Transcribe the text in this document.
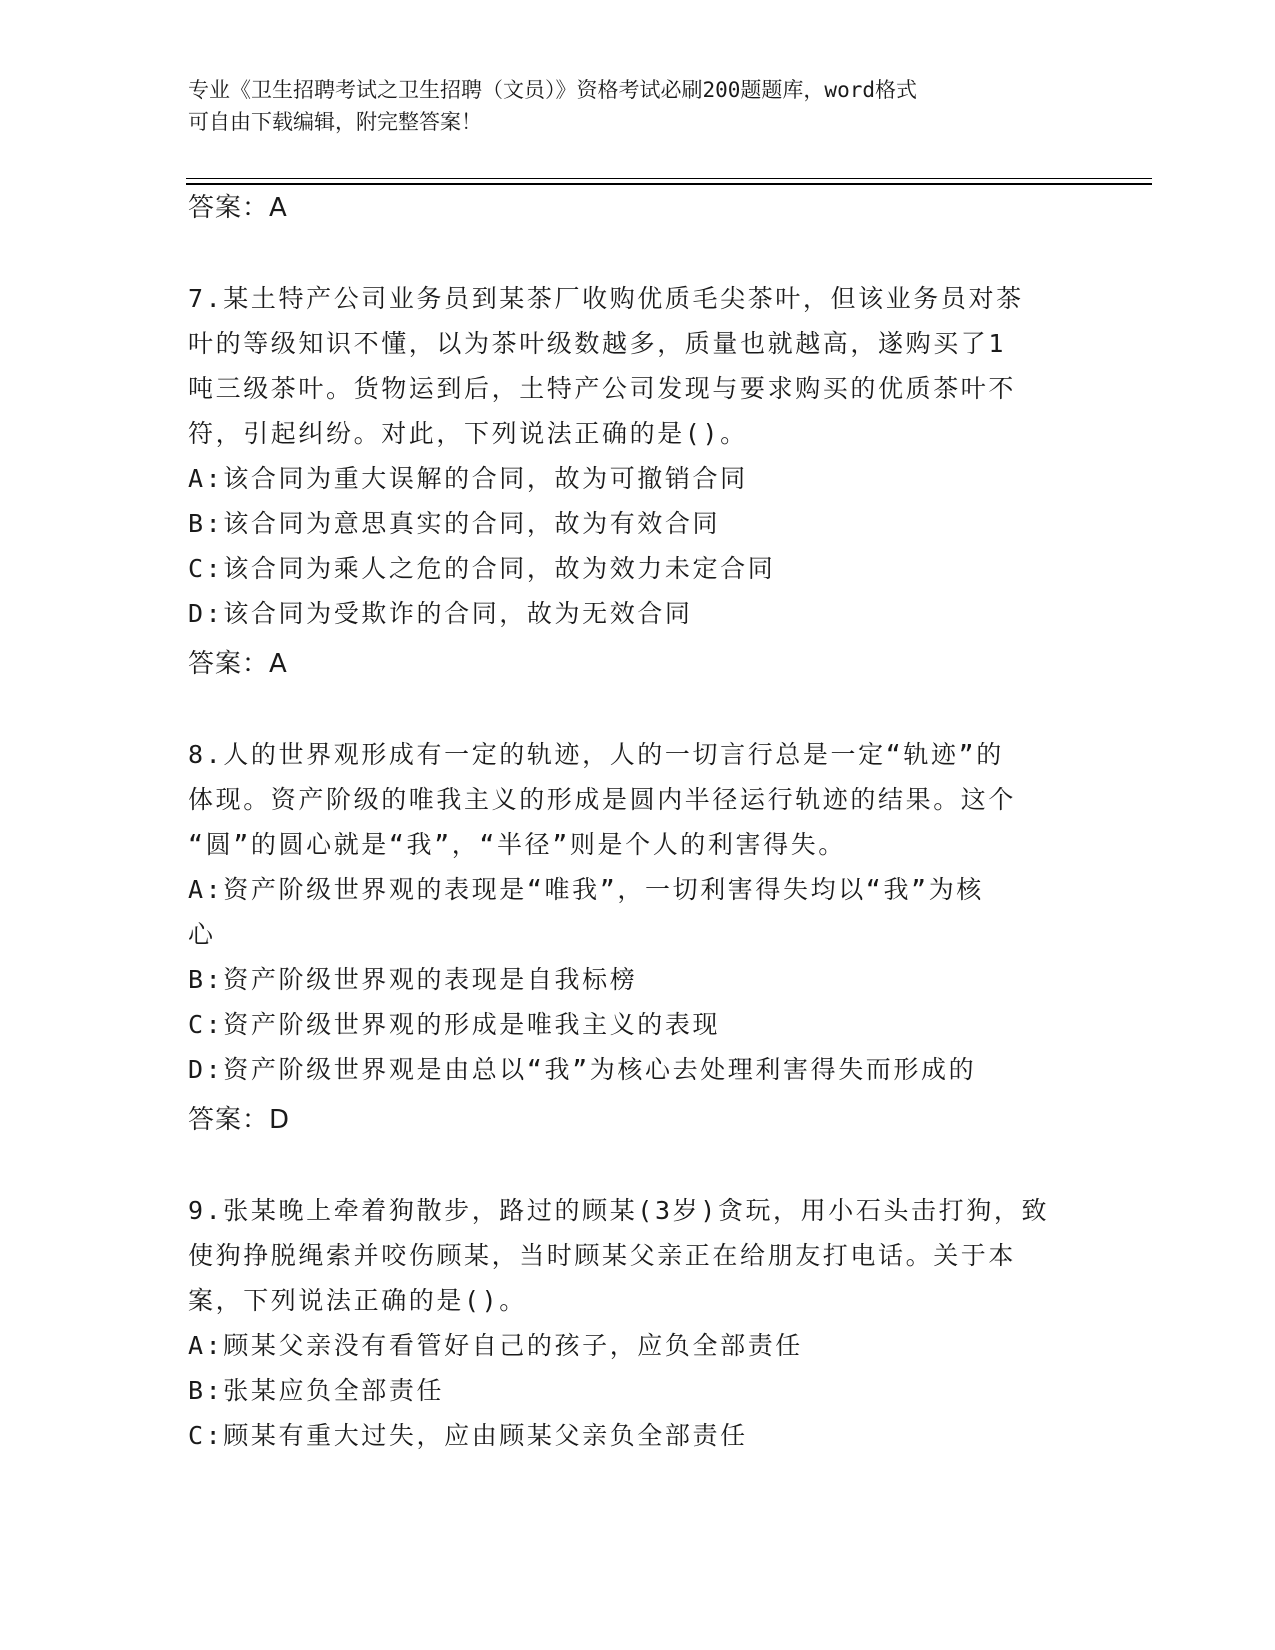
专业《卫生招聘考试之卫生招聘（文员）》资格考试必刷200题题库，word格式
可自由下载编辑，附完整答案！
答案：A

7.某土特产公司业务员到某茶厂收购优质毛尖茶叶，但该业务员对茶

叶的等级知识不懂，以为茶叶级数越多，质量也就越高，遂购买了1

吨三级茶叶。货物运到后，土特产公司发现与要求购买的优质茶叶不

符，引起纠纷。对此，下列说法正确的是()。

A:该合同为重大误解的合同，故为可撤销合同

B:该合同为意思真实的合同，故为有效合同

C:该合同为乘人之危的合同，故为效力未定合同

D:该合同为受欺诈的合同，故为无效合同

答案：A

8.人的世界观形成有一定的轨迹，人的一切言行总是一定“轨迹”的

体现。资产阶级的唯我主义的形成是圆内半径运行轨迹的结果。这个

“圆”的圆心就是“我”，“半径”则是个人的利害得失。

A:资产阶级世界观的表现是“唯我”，一切利害得失均以“我”为核

心

B:资产阶级世界观的表现是自我标榜

C:资产阶级世界观的形成是唯我主义的表现

D:资产阶级世界观是由总以“我”为核心去处理利害得失而形成的

答案：D

9.张某晚上牵着狗散步，路过的顾某(3岁)贪玩，用小石头击打狗，致

使狗挣脱绳索并咬伤顾某，当时顾某父亲正在给朋友打电话。关于本

案，下列说法正确的是()。

A:顾某父亲没有看管好自己的孩子，应负全部责任

B:张某应负全部责任

C:顾某有重大过失，应由顾某父亲负全部责任
